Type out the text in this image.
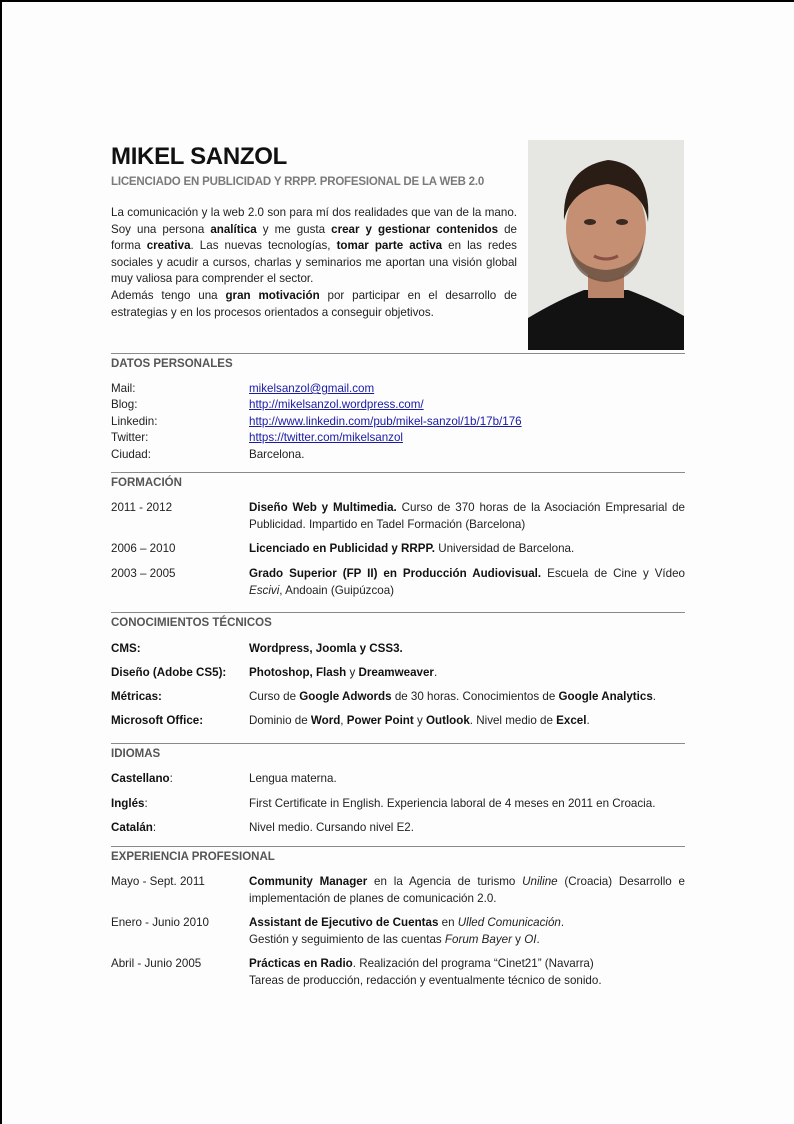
MIKEL SANZOL
LICENCIADO EN PUBLICIDAD Y RRPP. PROFESIONAL DE LA WEB 2.0
La comunicación y la web 2.0 son para mí dos realidades que van de la mano. Soy una persona analítica y me gusta crear y gestionar contenidos de forma creativa. Las nuevas tecnologías, tomar parte activa en las redes sociales y acudir a cursos, charlas y seminarios me aportan una visión global muy valiosa para comprender el sector.
Además tengo una gran motivación por participar en el desarrollo de estrategias y en los procesos orientados a conseguir objetivos.
DATOS PERSONALES
Mail:	mikelsanzol@gmail.com
Blog:	http://mikelsanzol.wordpress.com/
Linkedin:	http://www.linkedin.com/pub/mikel-sanzol/1b/17b/176
Twitter:	https://twitter.com/mikelsanzol
Ciudad:	Barcelona.
FORMACIÓN
2011 - 2012	Diseño Web y Multimedia. Curso de 370 horas de la Asociación Empresarial de Publicidad. Impartido en Tadel Formación (Barcelona)
2006 – 2010	Licenciado en Publicidad y RRPP. Universidad de Barcelona.
2003 – 2005	Grado Superior (FP II) en Producción Audiovisual. Escuela de Cine y Vídeo Escivi, Andoain (Guipúzcoa)
CONOCIMIENTOS TÉCNICOS
CMS:	Wordpress, Joomla y CSS3.
Diseño (Adobe CS5):	Photoshop, Flash y Dreamweaver.
Métricas:	Curso de Google Adwords de 30 horas. Conocimientos de Google Analytics.
Microsoft Office:	Dominio de Word, Power Point y Outlook. Nivel medio de Excel.
IDIOMAS
Castellano:	Lengua materna.
Inglés:	First Certificate in English. Experiencia laboral de 4 meses en 2011 en Croacia.
Catalán:	Nivel medio. Cursando nivel E2.
EXPERIENCIA PROFESIONAL
Mayo - Sept. 2011	Community Manager en la Agencia de turismo Uniline (Croacia) Desarrollo e implementación de planes de comunicación 2.0.
Enero - Junio 2010	Assistant de Ejecutivo de Cuentas en Ulled Comunicación.
Gestión y seguimiento de las cuentas Forum Bayer y OI.
Abril - Junio 2005	Prácticas en Radio. Realización del programa “Cinet21” (Navarra)
Tareas de producción, redacción y eventualmente técnico de sonido.
